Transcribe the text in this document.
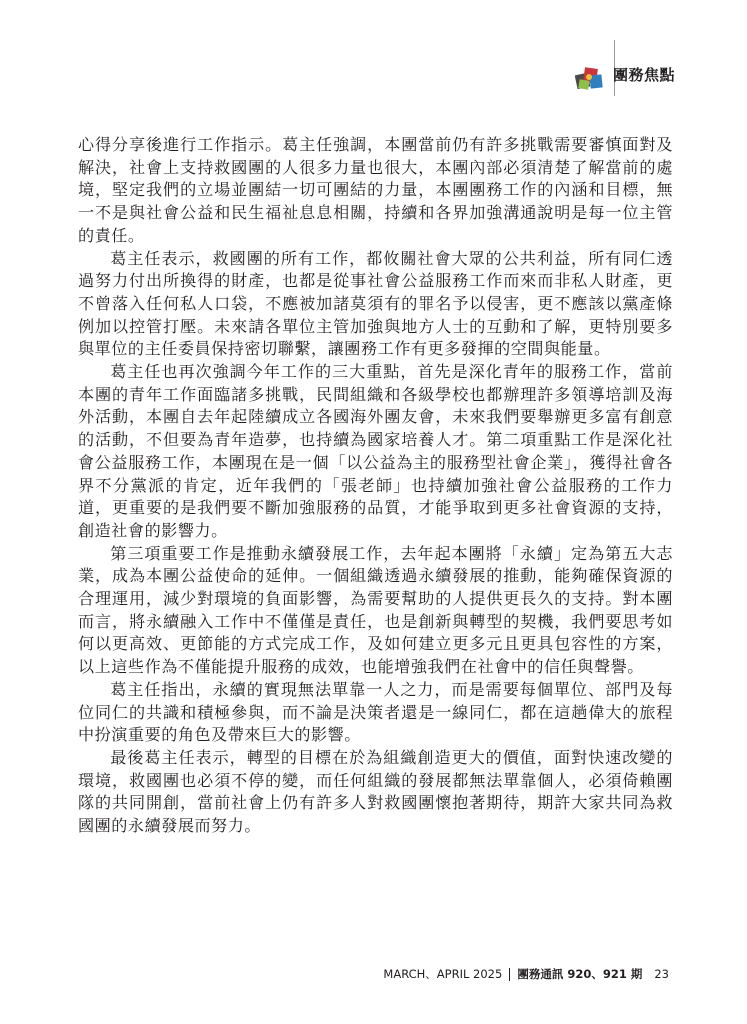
團務焦點

心得分享後進行工作指示。葛主任強調，本團當前仍有許多挑戰需要審慎面對及解決，社會上支持救國團的人很多力量也很大，本團內部必須清楚了解當前的處境，堅定我們的立場並團結一切可團結的力量，本團團務工作的內涵和目標，無一不是與社會公益和民生福祉息息相關，持續和各界加強溝通說明是每一位主管的責任。

葛主任表示，救國團的所有工作，都攸關社會大眾的公共利益，所有同仁透過努力付出所換得的財產，也都是從事社會公益服務工作而來而非私人財產，更不曾落入任何私人口袋，不應被加諸莫須有的罪名予以侵害，更不應該以黨產條例加以控管打壓。未來請各單位主管加強與地方人士的互動和了解，更特別要多與單位的主任委員保持密切聯繫，讓團務工作有更多發揮的空間與能量。

葛主任也再次強調今年工作的三大重點，首先是深化青年的服務工作，當前本團的青年工作面臨諸多挑戰，民間組織和各級學校也都辦理許多領導培訓及海外活動，本團自去年起陸續成立各國海外團友會，未來我們要舉辦更多富有創意的活動，不但要為青年造夢，也持續為國家培養人才。第二項重點工作是深化社會公益服務工作，本團現在是一個「以公益為主的服務型社會企業」，獲得社會各界不分黨派的肯定，近年我們的「張老師」也持續加強社會公益服務的工作力道，更重要的是我們要不斷加強服務的品質，才能爭取到更多社會資源的支持，創造社會的影響力。

第三項重要工作是推動永續發展工作，去年起本團將「永續」定為第五大志業，成為本團公益使命的延伸。一個組織透過永續發展的推動，能夠確保資源的合理運用，減少對環境的負面影響，為需要幫助的人提供更長久的支持。對本團而言，將永續融入工作中不僅僅是責任，也是創新與轉型的契機，我們要思考如何以更高效、更節能的方式完成工作，及如何建立更多元且更具包容性的方案，以上這些作為不僅能提升服務的成效，也能增強我們在社會中的信任與聲譽。

葛主任指出，永續的實現無法單靠一人之力，而是需要每個單位、部門及每位同仁的共識和積極參與，而不論是決策者還是一線同仁，都在這趟偉大的旅程中扮演重要的角色及帶來巨大的影響。

最後葛主任表示，轉型的目標在於為組織創造更大的價值，面對快速改變的環境，救國團也必須不停的變，而任何組織的發展都無法單靠個人，必須倚賴團隊的共同開創，當前社會上仍有許多人對救國團懷抱著期待，期許大家共同為救國團的永續發展而努力。

MARCH、APRIL 2025 團務通訊 920、921 期 23
